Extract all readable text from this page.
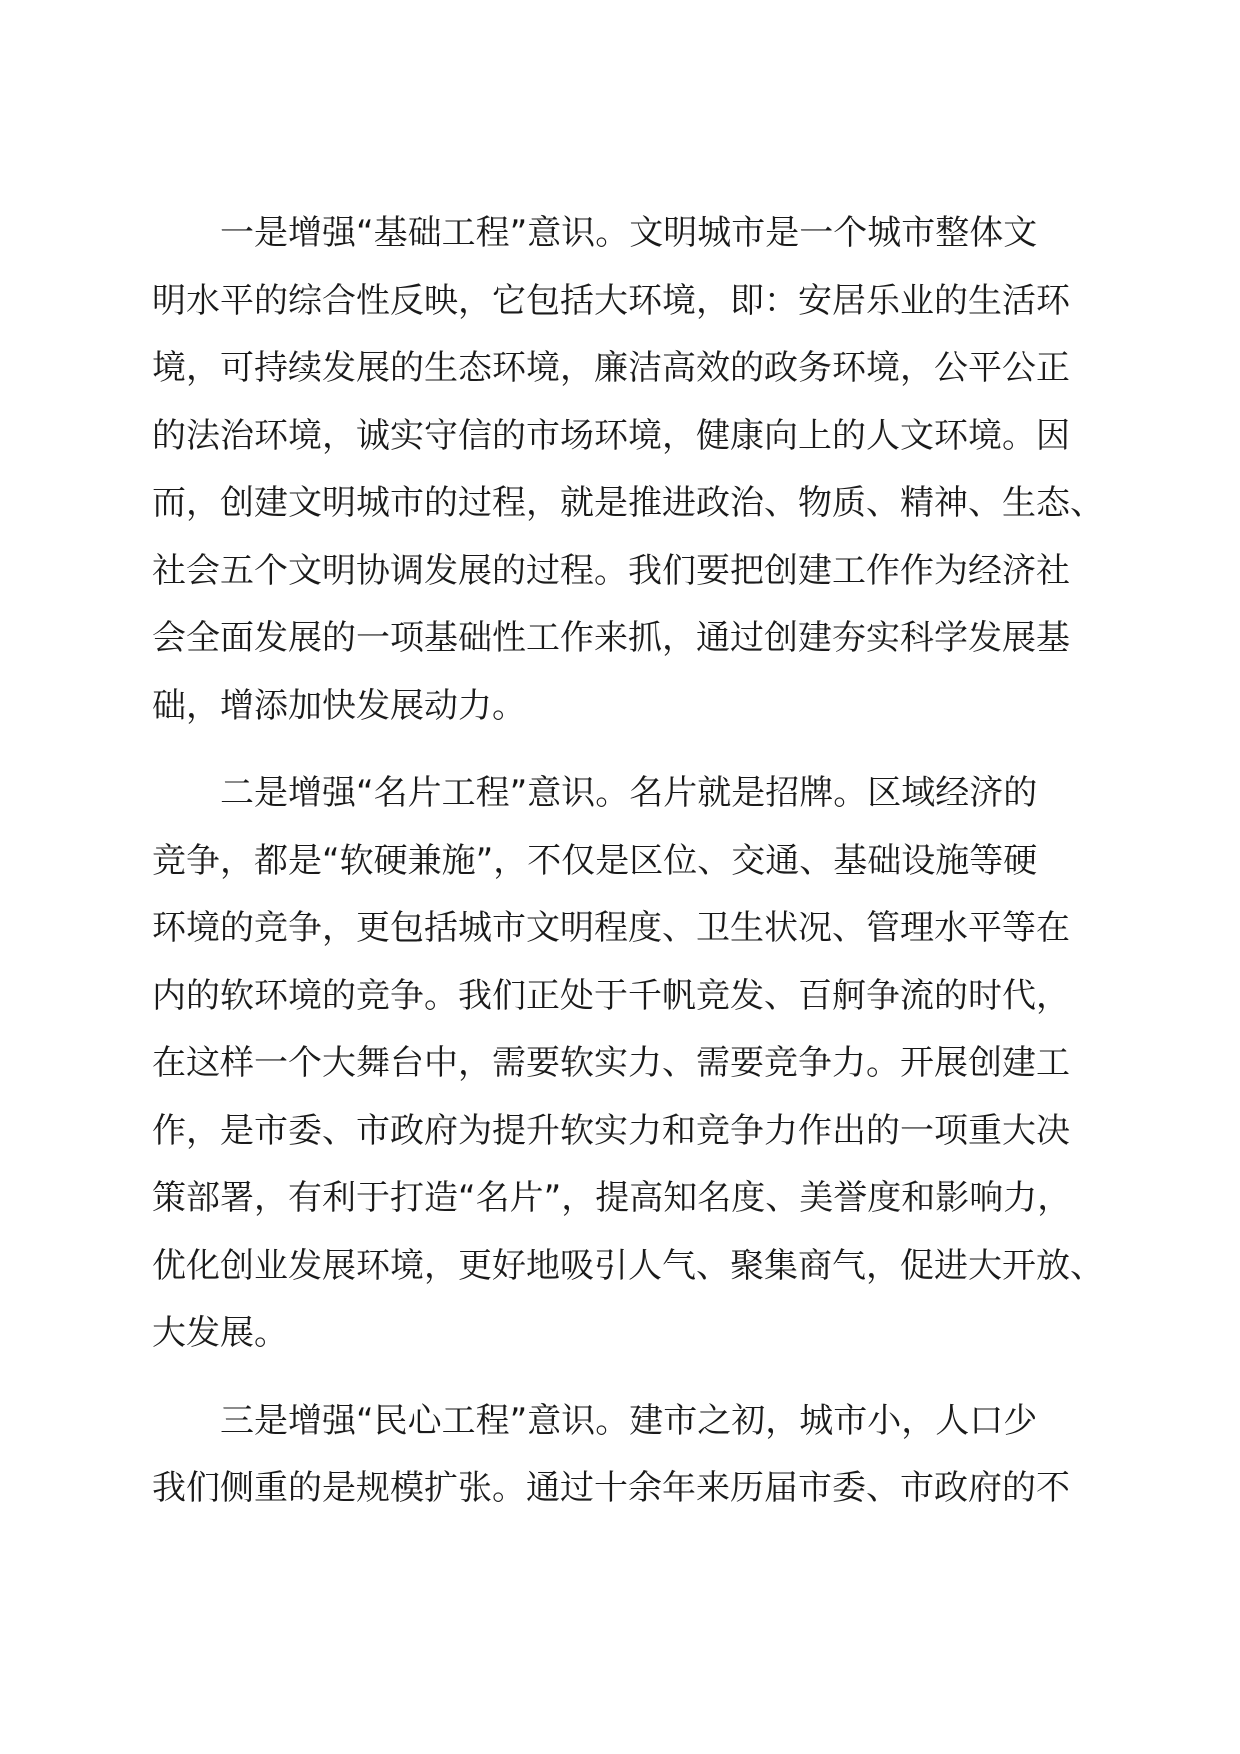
一是增强“基础工程”意识。文明城市是一个城市整体文
明水平的综合性反映，它包括大环境，即：安居乐业的生活环
境，可持续发展的生态环境，廉洁高效的政务环境，公平公正
的法治环境，诚实守信的市场环境，健康向上的人文环境。因
而，创建文明城市的过程，就是推进政治、物质、精神、生态、
社会五个文明协调发展的过程。我们要把创建工作作为经济社
会全面发展的一项基础性工作来抓，通过创建夯实科学发展基
础，增添加快发展动力。
二是增强“名片工程”意识。名片就是招牌。区域经济的
竞争，都是“软硬兼施”，不仅是区位、交通、基础设施等硬
环境的竞争，更包括城市文明程度、卫生状况、管理水平等在
内的软环境的竞争。我们正处于千帆竞发、百舸争流的时代，
在这样一个大舞台中，需要软实力、需要竞争力。开展创建工
作，是市委、市政府为提升软实力和竞争力作出的一项重大决
策部署，有利于打造“名片”，提高知名度、美誉度和影响力，
优化创业发展环境，更好地吸引人气、聚集商气，促进大开放、
大发展。
三是增强“民心工程”意识。建市之初，城市小，人口少
我们侧重的是规模扩张。通过十余年来历届市委、市政府的不
